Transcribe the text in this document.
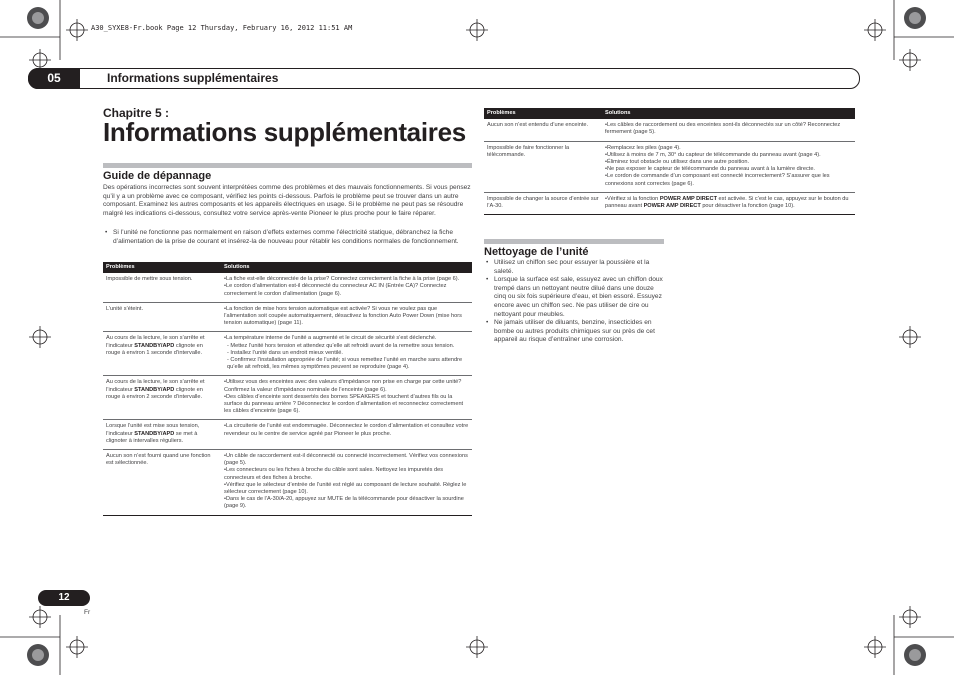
A30_SYXE8-Fr.book Page 12 Thursday, February 16, 2012 11:51 AM
05	Informations supplémentaires
Chapitre 5 :
Informations supplémentaires
Guide de dépannage
Des opérations incorrectes sont souvent interprétées comme des problèmes et des mauvais fonctionnements. Si vous pensez qu’il y a un problème avec ce composant, vérifiez les points ci-dessous. Parfois le problème peut se trouver dans un autre composant. Examinez les autres composants et les appareils électriques en usage. Si le problème ne peut pas se résoudre malgré les indications ci-dessous, consultez votre service après-vente Pioneer le plus proche pour le faire réparer.
• Si l’unité ne fonctionne pas normalement en raison d’effets externes comme l’électricité statique, débranchez la fiche d’alimentation de la prise de courant et insérez-la de nouveau pour rétablir les conditions normales de fonctionnement.
Problèmes	Solutions
Impossible de mettre sous tension.	•La fiche est-elle déconnectée de la prise? Connectez correctement la fiche à la prise (page 6).
•Le cordon d’alimentation est-il déconnecté du connecteur AC IN (Entrée CA)? Connectez correctement le cordon d’alimentation (page 6).

L’unité s’éteint.	•La fonction de mise hors tension automatique est activée? Si vous ne voulez pas que l’alimentation soit coupée automatiquement, désactivez la fonction Auto Power Down (mise hors tension automatique) (page 11).

Au cours de la lecture, le son s’arrête et l’indicateur STANDBY/APD clignote en rouge à environ 1 seconde d’intervalle.	•La température interne de l’unité a augmenté et le circuit de sécurité s’est déclenché.
- Mettez l’unité hors tension et attendez qu’elle ait refroidi avant de la remettre sous tension.
- Installez l’unité dans un endroit mieux ventilé.
- Confirmez l’installation appropriée de l’unité; si vous remettez l’unité en marche sans attendre qu’elle ait refroidi, les mêmes symptômes peuvent se reproduire (page 4).

Au cours de la lecture, le son s’arrête et l’indicateur STANDBY/APD clignote en rouge à environ 2 seconde d’intervalle.	•Utilisez vous des enceintes avec des valeurs d’impédance non prise en charge par cette unité? Confirmez la valeur d’impédance nominale de l’enceinte (page 6).
•Des câbles d’enceinte sont dessertés des bornes SPEAKERS et touchent d’autres fils ou la surface du panneau arrière ? Déconnectez le cordon d’alimentation et reconnectez correctement les câbles d’enceinte (page 6).

Lorsque l’unité est mise sous tension, l’indicateur STANDBY/APD se met à clignoter à intervalles réguliers.	•La circuiterie de l’unité est endommagée. Déconnectez le cordon d’alimentation et consultez votre revendeur ou le centre de service agréé par Pioneer le plus proche.

Aucun son n’est fourni quand une fonction est sélectionnée.	•Un câble de raccordement est-il déconnecté ou connecté incorrectement. Vérifiez vos connexions (page 5).
•Les connecteurs ou les fiches à broche du câble sont sales. Nettoyez les impuretés des connecteurs et des fiches à broche.
•Vérifiez que le sélecteur d’entrée de l’unité est réglé au composant de lecture souhaité. Réglez le sélecteur correctement (page 10).
•Dans le cas de l’A-30/A-20, appuyez sur MUTE de la télécommande pour désactiver la sourdine (page 9).
Problèmes	Solutions
Aucun son n’est entendu d’une enceinte.	•Les câbles de raccordement ou des enceintes sont-ils déconnectés sur un côté? Reconnectez fermement (page 5).

Impossible de faire fonctionner la télécommande.	•Remplacez les piles (page 4).
•Utilisez à moins de 7 m, 30° du capteur de télécommande du panneau avant (page 4).
•Éliminez tout obstacle ou utilisez dans une autre position.
•Ne pas exposer le capteur de télécommande du panneau avant à la lumière directe.
•Le cordon de commande d’un composant est connecté incorrectement? S’assurer que les connexions sont correctes (page 6).

Impossible de changer la source d’entrée sur l’A-30.	•Vérifiez si la fonction POWER AMP DIRECT est activée. Si c’est le cas, appuyez sur le bouton du panneau avant POWER AMP DIRECT pour désactiver la fonction (page 10).
Nettoyage de l’unité
• Utilisez un chiffon sec pour essuyer la poussière et la saleté.
• Lorsque la surface est sale, essuyez avec un chiffon doux trempé dans un nettoyant neutre dilué dans une douze cinq ou six fois supérieure d’eau, et bien essoré. Essuyez encore avec un chiffon sec. Ne pas utiliser de cire ou nettoyant pour meubles.
• Ne jamais utiliser de diluants, benzine, insecticides en bombe ou autres produits chimiques sur ou près de cet appareil au risque d’entraîner une corrosion.
12
Fr
